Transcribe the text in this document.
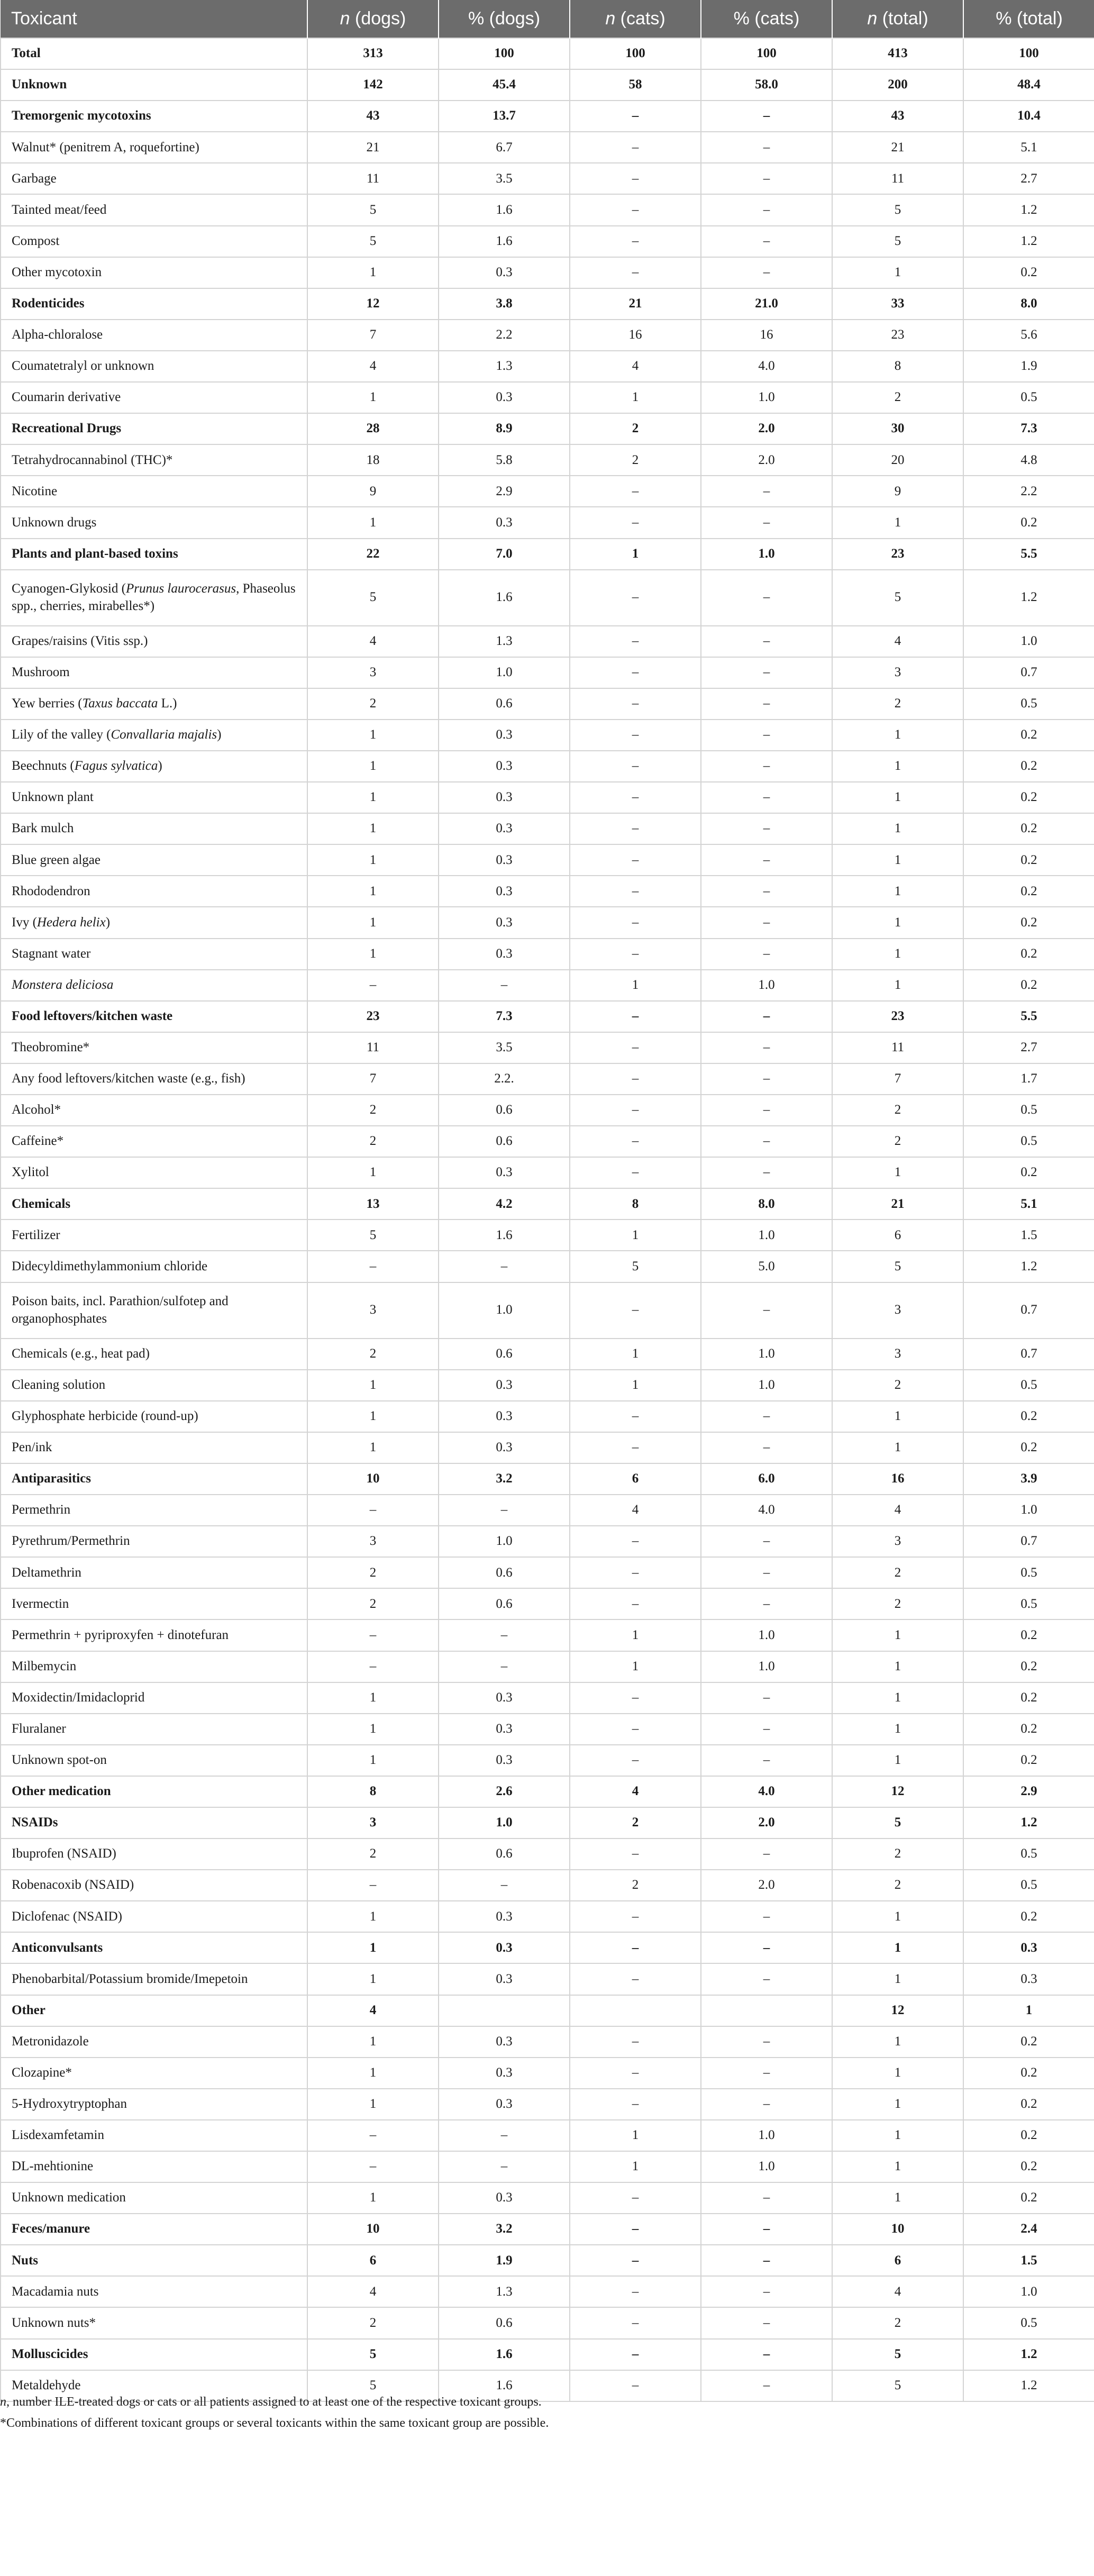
Toxicant	n (dogs)	% (dogs)	n (cats)	% (cats)	n (total)	% (total)
Total	313	100	100	100	413	100
Unknown	142	45.4	58	58.0	200	48.4
Tremorgenic mycotoxins	43	13.7	–	–	43	10.4
Walnut* (penitrem A, roquefortine)	21	6.7	–	–	21	5.1
Garbage	11	3.5	–	–	11	2.7
Tainted meat/feed	5	1.6	–	–	5	1.2
Compost	5	1.6	–	–	5	1.2
Other mycotoxin	1	0.3	–	–	1	0.2
Rodenticides	12	3.8	21	21.0	33	8.0
Alpha-chloralose	7	2.2	16	16	23	5.6
Coumatetralyl or unknown	4	1.3	4	4.0	8	1.9
Coumarin derivative	1	0.3	1	1.0	2	0.5
Recreational Drugs	28	8.9	2	2.0	30	7.3
Tetrahydrocannabinol (THC)*	18	5.8	2	2.0	20	4.8
Nicotine	9	2.9	–	–	9	2.2
Unknown drugs	1	0.3	–	–	1	0.2
Plants and plant-based toxins	22	7.0	1	1.0	23	5.5
Cyanogen-Glykosid (Prunus laurocerasus, Phaseolus spp., cherries, mirabelles*)	5	1.6	–	–	5	1.2
Grapes/raisins (Vitis ssp.)	4	1.3	–	–	4	1.0
Mushroom	3	1.0	–	–	3	0.7
Yew berries (Taxus baccata L.)	2	0.6	–	–	2	0.5
Lily of the valley (Convallaria majalis)	1	0.3	–	–	1	0.2
Beechnuts (Fagus sylvatica)	1	0.3	–	–	1	0.2
Unknown plant	1	0.3	–	–	1	0.2
Bark mulch	1	0.3	–	–	1	0.2
Blue green algae	1	0.3	–	–	1	0.2
Rhododendron	1	0.3	–	–	1	0.2
Ivy (Hedera helix)	1	0.3	–	–	1	0.2
Stagnant water	1	0.3	–	–	1	0.2
Monstera deliciosa	–	–	1	1.0	1	0.2
Food leftovers/kitchen waste	23	7.3	–	–	23	5.5
Theobromine*	11	3.5	–	–	11	2.7
Any food leftovers/kitchen waste (e.g., fish)	7	2.2.	–	–	7	1.7
Alcohol*	2	0.6	–	–	2	0.5
Caffeine*	2	0.6	–	–	2	0.5
Xylitol	1	0.3	–	–	1	0.2
Chemicals	13	4.2	8	8.0	21	5.1
Fertilizer	5	1.6	1	1.0	6	1.5
Didecyldimethylammonium chloride	–	–	5	5.0	5	1.2
Poison baits, incl. Parathion/sulfotep and organophosphates	3	1.0	–	–	3	0.7
Chemicals (e.g., heat pad)	2	0.6	1	1.0	3	0.7
Cleaning solution	1	0.3	1	1.0	2	0.5
Glyphosphate herbicide (round-up)	1	0.3	–	–	1	0.2
Pen/ink	1	0.3	–	–	1	0.2
Antiparasitics	10	3.2	6	6.0	16	3.9
Permethrin	–	–	4	4.0	4	1.0
Pyrethrum/Permethrin	3	1.0	–	–	3	0.7
Deltamethrin	2	0.6	–	–	2	0.5
Ivermectin	2	0.6	–	–	2	0.5
Permethrin + pyriproxyfen + dinotefuran	–	–	1	1.0	1	0.2
Milbemycin	–	–	1	1.0	1	0.2
Moxidectin/Imidacloprid	1	0.3	–	–	1	0.2
Fluralaner	1	0.3	–	–	1	0.2
Unknown spot-on	1	0.3	–	–	1	0.2
Other medication	8	2.6	4	4.0	12	2.9
NSAIDs	3	1.0	2	2.0	5	1.2
Ibuprofen (NSAID)	2	0.6	–	–	2	0.5
Robenacoxib (NSAID)	–	–	2	2.0	2	0.5
Diclofenac (NSAID)	1	0.3	–	–	1	0.2
Anticonvulsants	1	0.3	–	–	1	0.3
Phenobarbital/Potassium bromide/Imepetoin	1	0.3	–	–	1	0.3
Other	4				12	1
Metronidazole	1	0.3	–	–	1	0.2
Clozapine*	1	0.3	–	–	1	0.2
5-Hydroxytryptophan	1	0.3	–	–	1	0.2
Lisdexamfetamin	–	–	1	1.0	1	0.2
DL-mehtionine	–	–	1	1.0	1	0.2
Unknown medication	1	0.3	–	–	1	0.2
Feces/manure	10	3.2	–	–	10	2.4
Nuts	6	1.9	–	–	6	1.5
Macadamia nuts	4	1.3	–	–	4	1.0
Unknown nuts*	2	0.6	–	–	2	0.5
Molluscicides	5	1.6	–	–	5	1.2
Metaldehyde	5	1.6	–	–	5	1.2

n, number ILE-treated dogs or cats or all patients assigned to at least one of the respective toxicant groups.

*Combinations of different toxicant groups or several toxicants within the same toxicant group are possible.
